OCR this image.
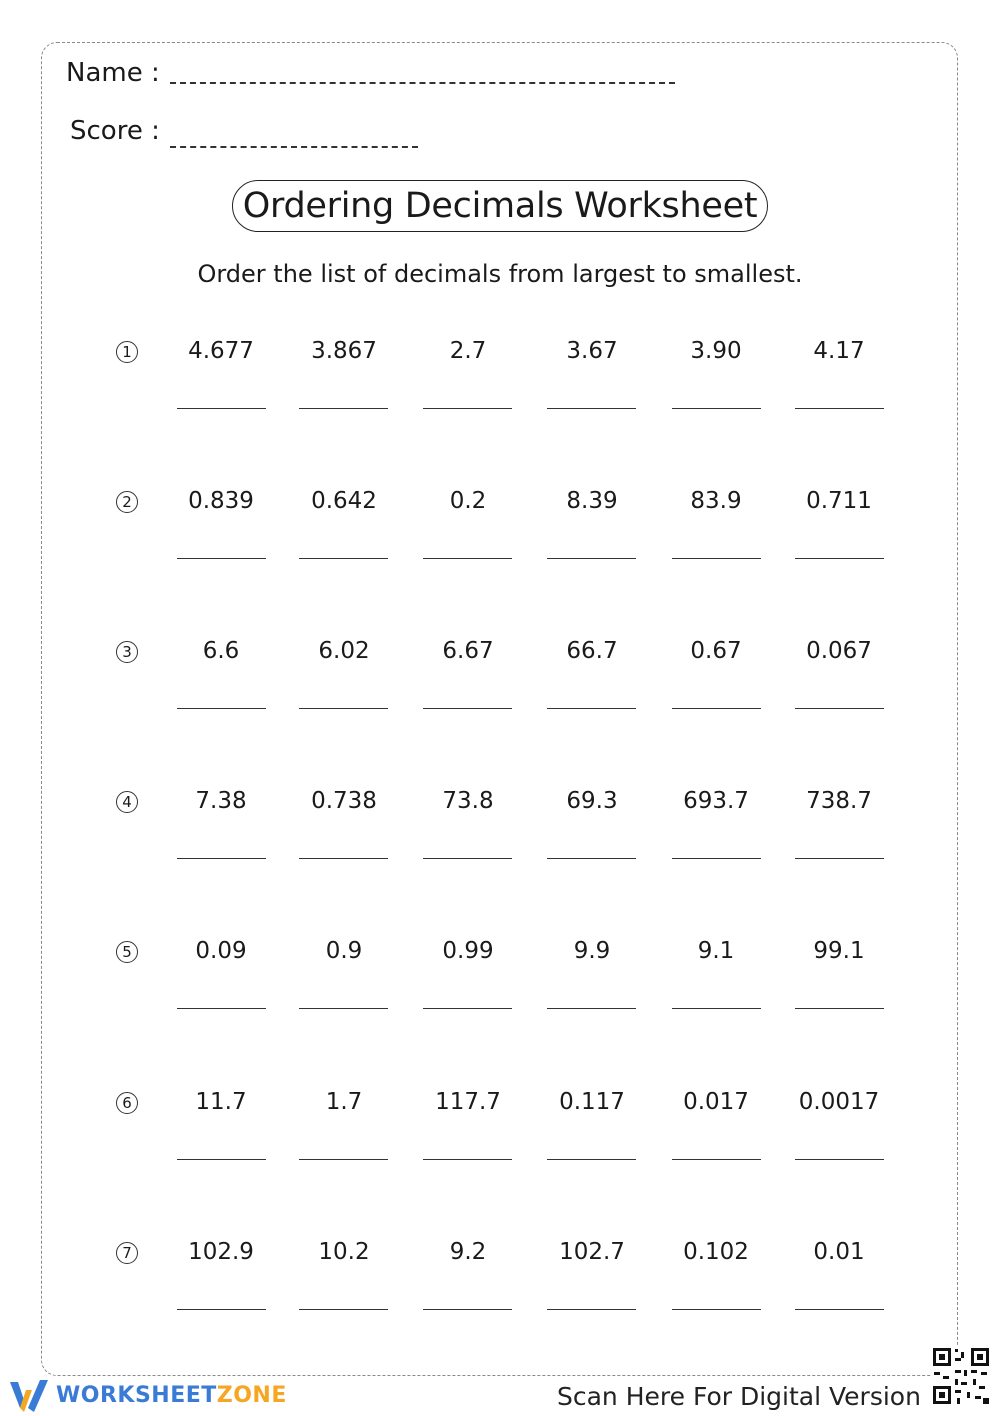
Name :
Score :
Ordering Decimals Worksheet
Order the list of decimals from largest to smallest.
1	4.677	3.867	2.7	3.67	3.90	4.17
2	0.839	0.642	0.2	8.39	83.9	0.711
3	6.6	6.02	6.67	66.7	0.67	0.067
4	7.38	0.738	73.8	69.3	693.7	738.7
5	0.09	0.9	0.99	9.9	9.1	99.1
6	11.7	1.7	117.7	0.117	0.017	0.0017
7	102.9	10.2	9.2	102.7	0.102	0.01
WORKSHEETZONE	Scan Here For Digital Version
